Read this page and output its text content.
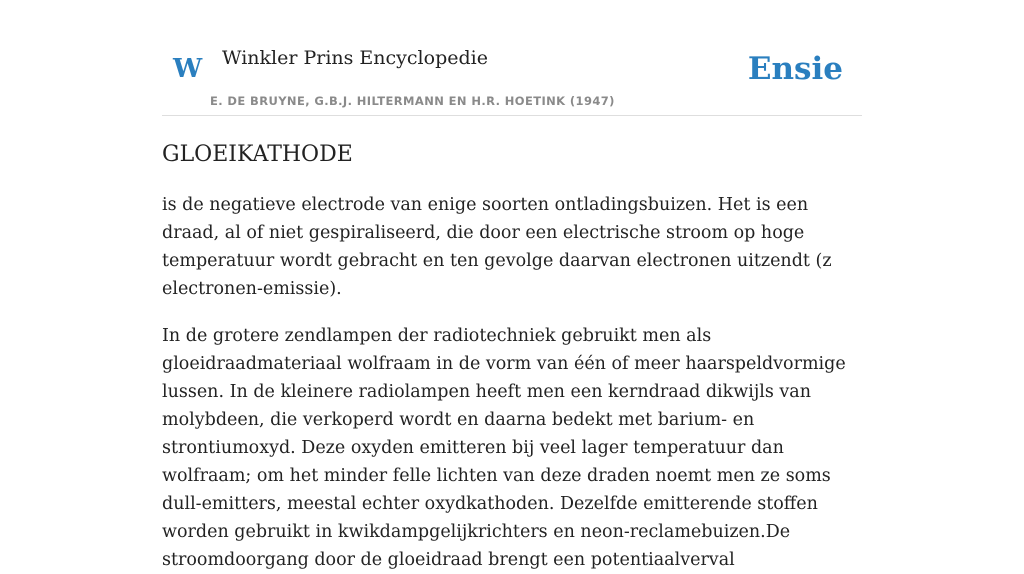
W Winkler Prins Encyclopedie
E. DE BRUYNE, G.B.J. HILTERMANN EN H.R. HOETINK (1947)
Ensie
GLOEIKATHODE

is de negatieve electrode van enige soorten ontladingsbuizen. Het is een draad, al of niet gespiraliseerd, die door een electrische stroom op hoge temperatuur wordt gebracht en ten gevolge daarvan electronen uitzendt (z electronen-emissie).

In de grotere zendlampen der radiotechniek gebruikt men als gloeidraadmateriaal wolfraam in de vorm van één of meer haarspeldvormige lussen. In de kleinere radiolampen heeft men een kerndraad dikwijls van molybdeen, die verkoperd wordt en daarna bedekt met barium- en strontiumoxyd. Deze oxyden emitteren bij veel lager temperatuur dan wolfraam; om het minder felle lichten van deze draden noemt men ze soms dull-emitters, meestal echter oxydkathoden. Dezelfde emitterende stoffen worden gebruikt in kwikdampgelijkrichters en neon-reclamebuizen.De stroomdoorgang door de gloeidraad brengt een potentiaalverval
